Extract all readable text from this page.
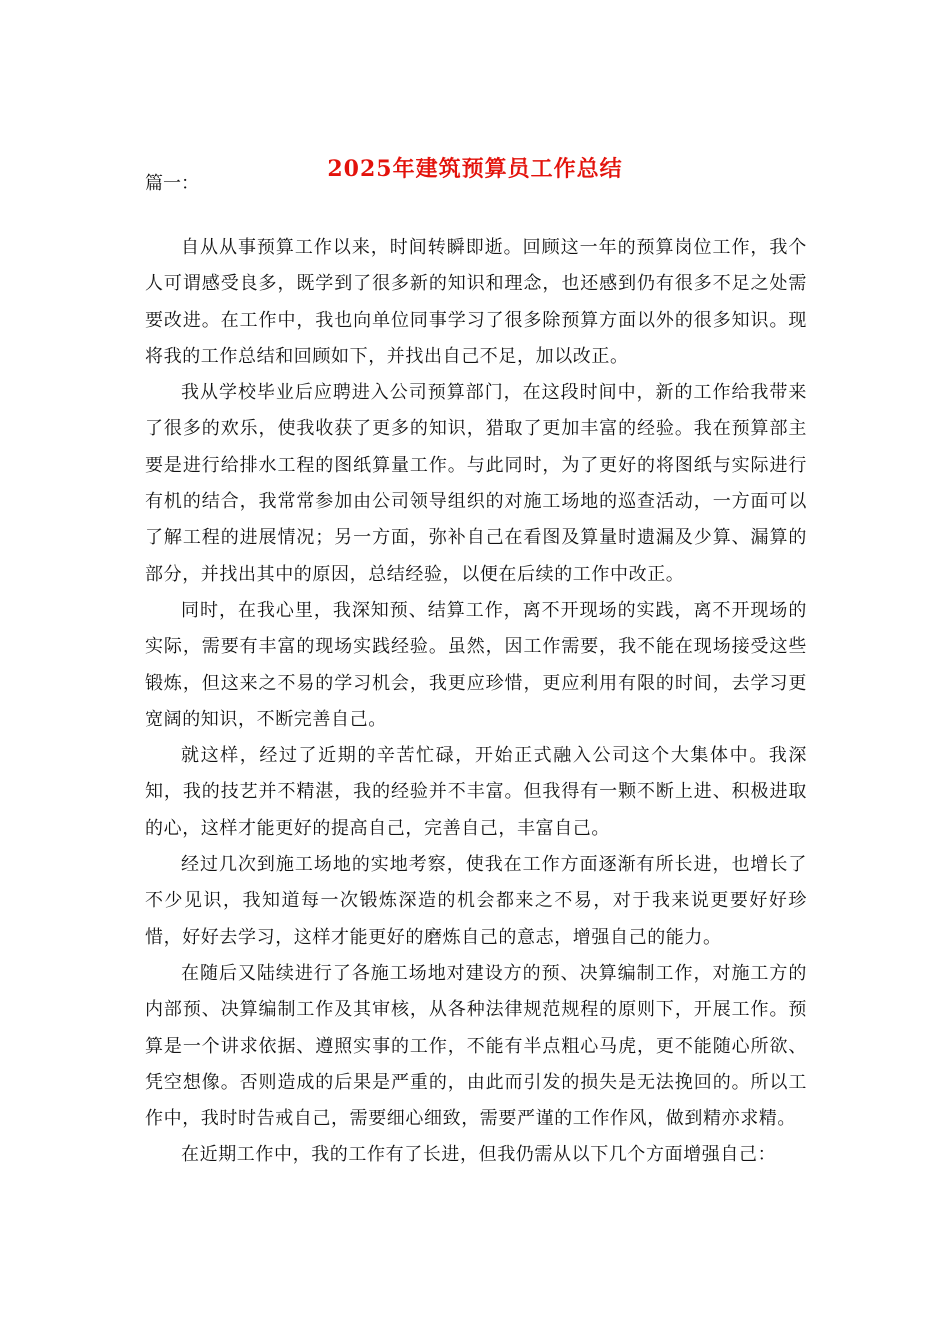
2025年建筑预算员工作总结

篇一：

自从从事预算工作以来，时间转瞬即逝。回顾这一年的预算岗位工作，我个人可谓感受良多，既学到了很多新的知识和理念，也还感到仍有很多不足之处需要改进。在工作中，我也向单位同事学习了很多除预算方面以外的很多知识。现将我的工作总结和回顾如下，并找出自己不足，加以改正。

我从学校毕业后应聘进入公司预算部门，在这段时间中，新的工作给我带来了很多的欢乐，使我收获了更多的知识，猎取了更加丰富的经验。我在预算部主要是进行给排水工程的图纸算量工作。与此同时，为了更好的将图纸与实际进行有机的结合，我常常参加由公司领导组织的对施工场地的巡查活动，一方面可以了解工程的进展情况；另一方面，弥补自己在看图及算量时遗漏及少算、漏算的部分，并找出其中的原因，总结经验，以便在后续的工作中改正。

同时，在我心里，我深知预、结算工作，离不开现场的实践，离不开现场的实际，需要有丰富的现场实践经验。虽然，因工作需要，我不能在现场接受这些锻炼，但这来之不易的学习机会，我更应珍惜，更应利用有限的时间，去学习更宽阔的知识，不断完善自己。

就这样，经过了近期的辛苦忙碌，开始正式融入公司这个大集体中。我深知，我的技艺并不精湛，我的经验并不丰富。但我得有一颗不断上进、积极进取的心，这样才能更好的提高自己，完善自己，丰富自己。

经过几次到施工场地的实地考察，使我在工作方面逐渐有所长进，也增长了不少见识，我知道每一次锻炼深造的机会都来之不易，对于我来说更要好好珍惜，好好去学习，这样才能更好的磨炼自己的意志，增强自己的能力。

在随后又陆续进行了各施工场地对建设方的预、决算编制工作，对施工方的内部预、决算编制工作及其审核，从各种法律规范规程的原则下，开展工作。预算是一个讲求依据、遵照实事的工作，不能有半点粗心马虎，更不能随心所欲、凭空想像。否则造成的后果是严重的，由此而引发的损失是无法挽回的。所以工作中，我时时告戒自己，需要细心细致，需要严谨的工作作风，做到精亦求精。

在近期工作中，我的工作有了长进，但我仍需从以下几个方面增强自己：
